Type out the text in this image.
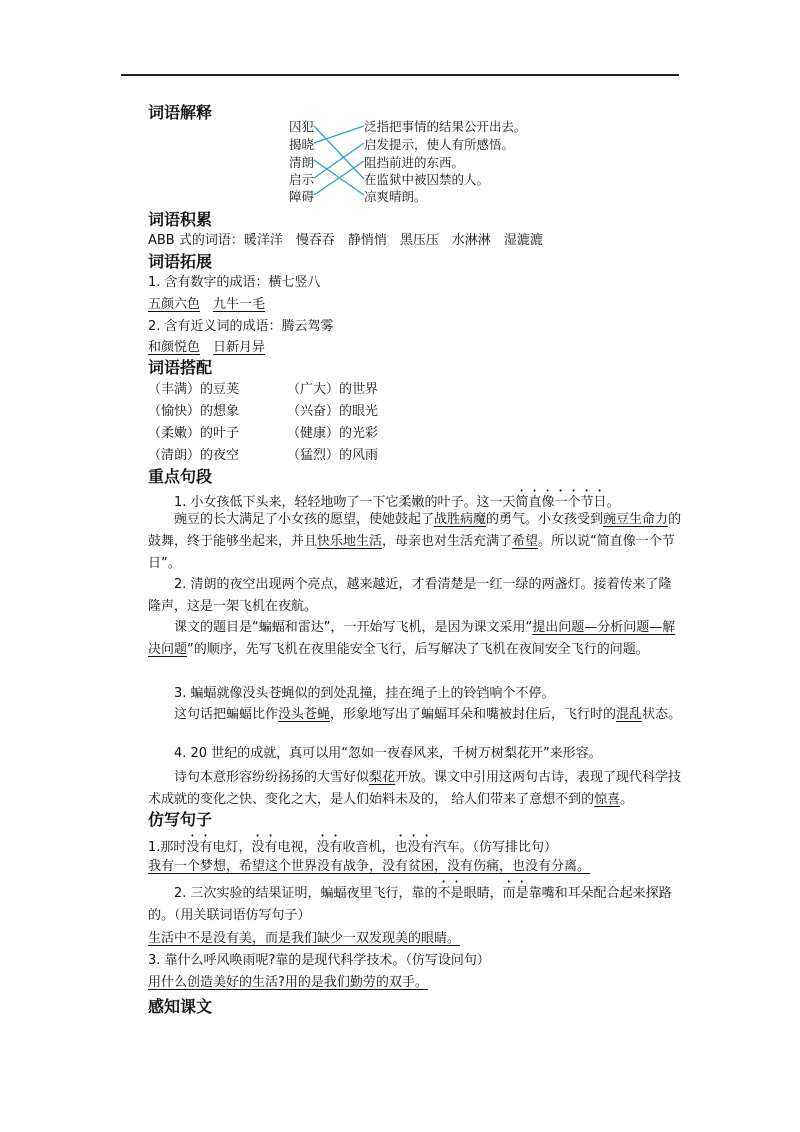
词语解释
囚犯
揭晓
清朗
启示
障碍
泛指把事情的结果公开出去。
启发提示，使人有所感悟。
阻挡前进的东西。
在监狱中被囚禁的人。
凉爽晴朗。
词语积累
ABB 式的词语：暖洋洋　慢吞吞　静悄悄　黑压压　水淋淋　湿漉漉
词语拓展
1. 含有数字的成语：横七竖八
五颜六色　 九牛一毛
2. 含有近义词的成语：腾云驾雾
和颜悦色　 日新月异
词语搭配
（丰满）的豆荚
（愉快）的想象
（柔嫩）的叶子
（清朗）的夜空
（广大）的世界
（兴奋）的眼光
（健康）的光彩
（猛烈）的风雨
重点句段
1. 小女孩低下头来，轻轻地吻了一下它柔嫩的叶子。这一天简直像一个节日。
豌豆的长大满足了小女孩的愿望，使她鼓起了战胜病魔的勇气。小女孩受到豌豆生命力的鼓舞，终于能够坐起来，并且快乐地生活，母亲也对生活充满了希望。所以说“简直像一个节日”。
2. 清朗的夜空出现两个亮点，越来越近，才看清楚是一红一绿的两盏灯。接着传来了隆隆声，这是一架飞机在夜航。
课文的题目是“蝙蝠和雷达”，一开始写飞机，是因为课文采用“提出问题—分析问题—解决问题”的顺序，先写飞机在夜里能安全飞行，后写解决了飞机在夜间安全飞行的问题。
3. 蝙蝠就像没头苍蝇似的到处乱撞，挂在绳子上的铃铛响个不停。
这句话把蝙蝠比作没头苍蝇，形象地写出了蝙蝠耳朵和嘴被封住后，飞行时的混乱状态。
4. 20 世纪的成就，真可以用“忽如一夜春风来，千树万树梨花开”来形容。
诗句本意形容纷纷扬扬的大雪好似梨花开放。课文中引用这两句古诗，表现了现代科学技术成就的变化之快、变化之大，是人们始料未及的， 给人们带来了意想不到的惊喜。
仿写句子
1.那时没有电灯，没有电视，没有收音机，也没有汽车。（仿写排比句）
我有一个梦想，希望这个世界没有战争，没有贫困，没有伤痛，也没有分离。
2. 三次实验的结果证明，蝙蝠夜里飞行，靠的不是眼睛，而是靠嘴和耳朵配合起来探路的。（用关联词语仿写句子）
生活中不是没有美，而是我们缺少一双发现美的眼睛。
3. 靠什么呼风唤雨呢?靠的是现代科学技术。（仿写设问句）
用什么创造美好的生活?用的是我们勤劳的双手。
感知课文
